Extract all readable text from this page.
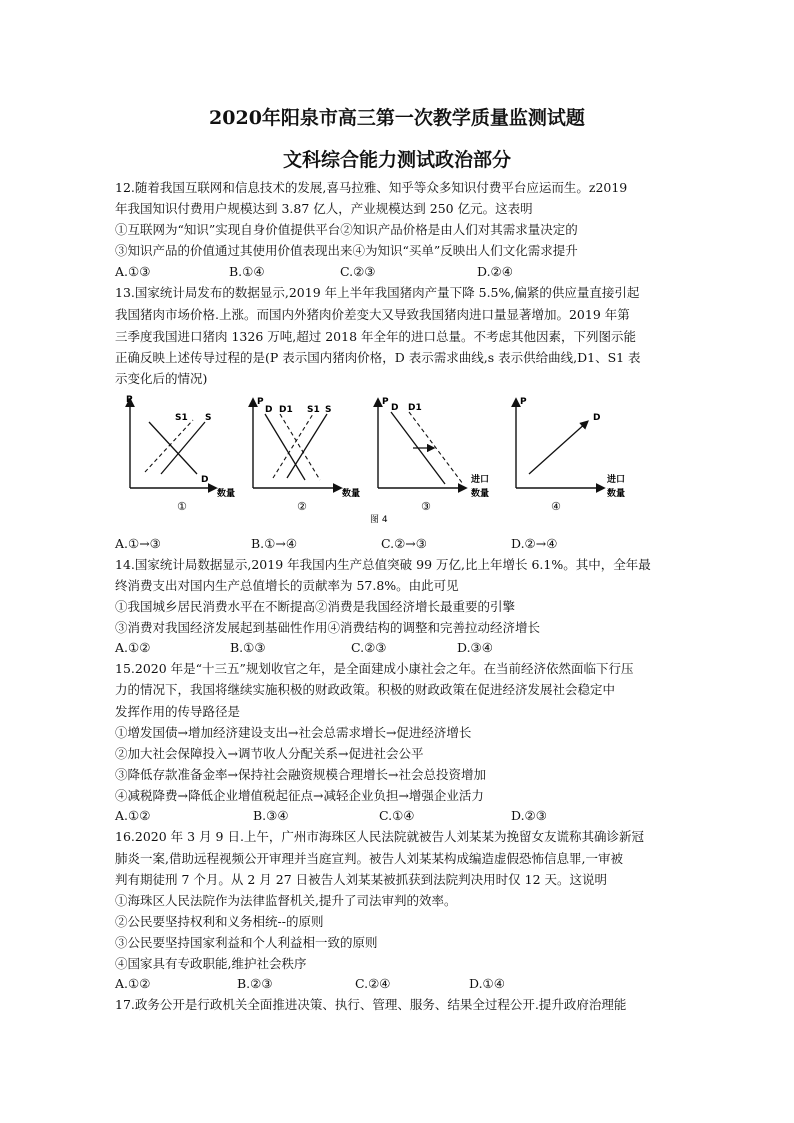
2020年阳泉市高三第一次教学质量监测试题
文科综合能力测试政治部分
12.随着我国互联网和信息技术的发展,喜马拉雅、知乎等众多知识付费平台应运而生。z2019
年我国知识付费用户规模达到 3.87 亿人，产业规模达到 250 亿元。这表明
①互联网为“知识”实现自身价值提供平台②知识产品价格是由人们对其需求量决定的
③知识产品的价值通过其使用价值表现出来④为知识“买单”反映出人们文化需求提升
A.①③	B.①④	C.②③	D.②④
13.国家统计局发布的数据显示,2019 年上半年我国猪肉产量下降 5.5%,偏紧的供应量直接引起
我国猪肉市场价格.上涨。而国内外猪肉价差变大又导致我国猪肉进口量显著增加。2019 年第
三季度我国进口猪肉 1326 万吨,超过 2018 年全年的进口总量。不考虑其他因素，下列图示能
正确反映上述传导过程的是(P 表示国内猪肉价格，D 表示需求曲线,s 表示供给曲线,D1、S1 表
示变化后的情况)
P
数量
S1 S
D
①
P
数量
D D1 S1 S
②
P
进口
数量
D D1
③
P
进口
数量
D
④
图 4
A.①→③	B.①→④	C.②→③	D.②→④
14.国家统计局数据显示,2019 年我国内生产总值突破 99 万亿,比上年增长 6.1%。其中，全年最
终消费支出对国内生产总值增长的贡献率为 57.8%。由此可见
①我国城乡居民消费水平在不断提高②消费是我国经济增长最重要的引擎
③消费对我国经济发展起到基础性作用④消费结构的调整和完善拉动经济增长
A.①②	B.①③	C.②③	D.③④
15.2020 年是“十三五”规划收官之年，是全面建成小康社会之年。在当前经济依然面临下行压
力的情况下，我国将继续实施积极的财政政策。积极的财政政策在促进经济发展社会稳定中
发挥作用的传导路径是
①增发国债→增加经济建设支出→社会总需求增长→促进经济增长
②加大社会保障投入→调节收人分配关系→促进社会公平
③降低存款准备金率→保持社会融资规模合理增长→社会总投资增加
④减税降费→降低企业增值税起征点→减轻企业负担→增强企业活力
A.①②	B.③④	C.①④	D.②③
16.2020 年 3 月 9 日.上午，广州市海珠区人民法院就被告人刘某某为挽留女友谎称其确诊新冠
肺炎一案,借助远程视频公开审理并当庭宣判。被告人刘某某构成编造虚假恐怖信息罪,一审被
判有期徒刑 7 个月。从 2 月 27 日被告人刘某某被抓获到法院判决用时仅 12 天。这说明
①海珠区人民法院作为法律监督机关,提升了司法审判的效率。
②公民要坚持权利和义务相统--的原则
③公民要坚持国家利益和个人利益相一致的原则
④国家具有专政职能,维护社会秩序
A.①②	B.②③	C.②④	D.①④
17.政务公开是行政机关全面推进决策、执行、管理、服务、结果全过程公开.提升政府治理能
